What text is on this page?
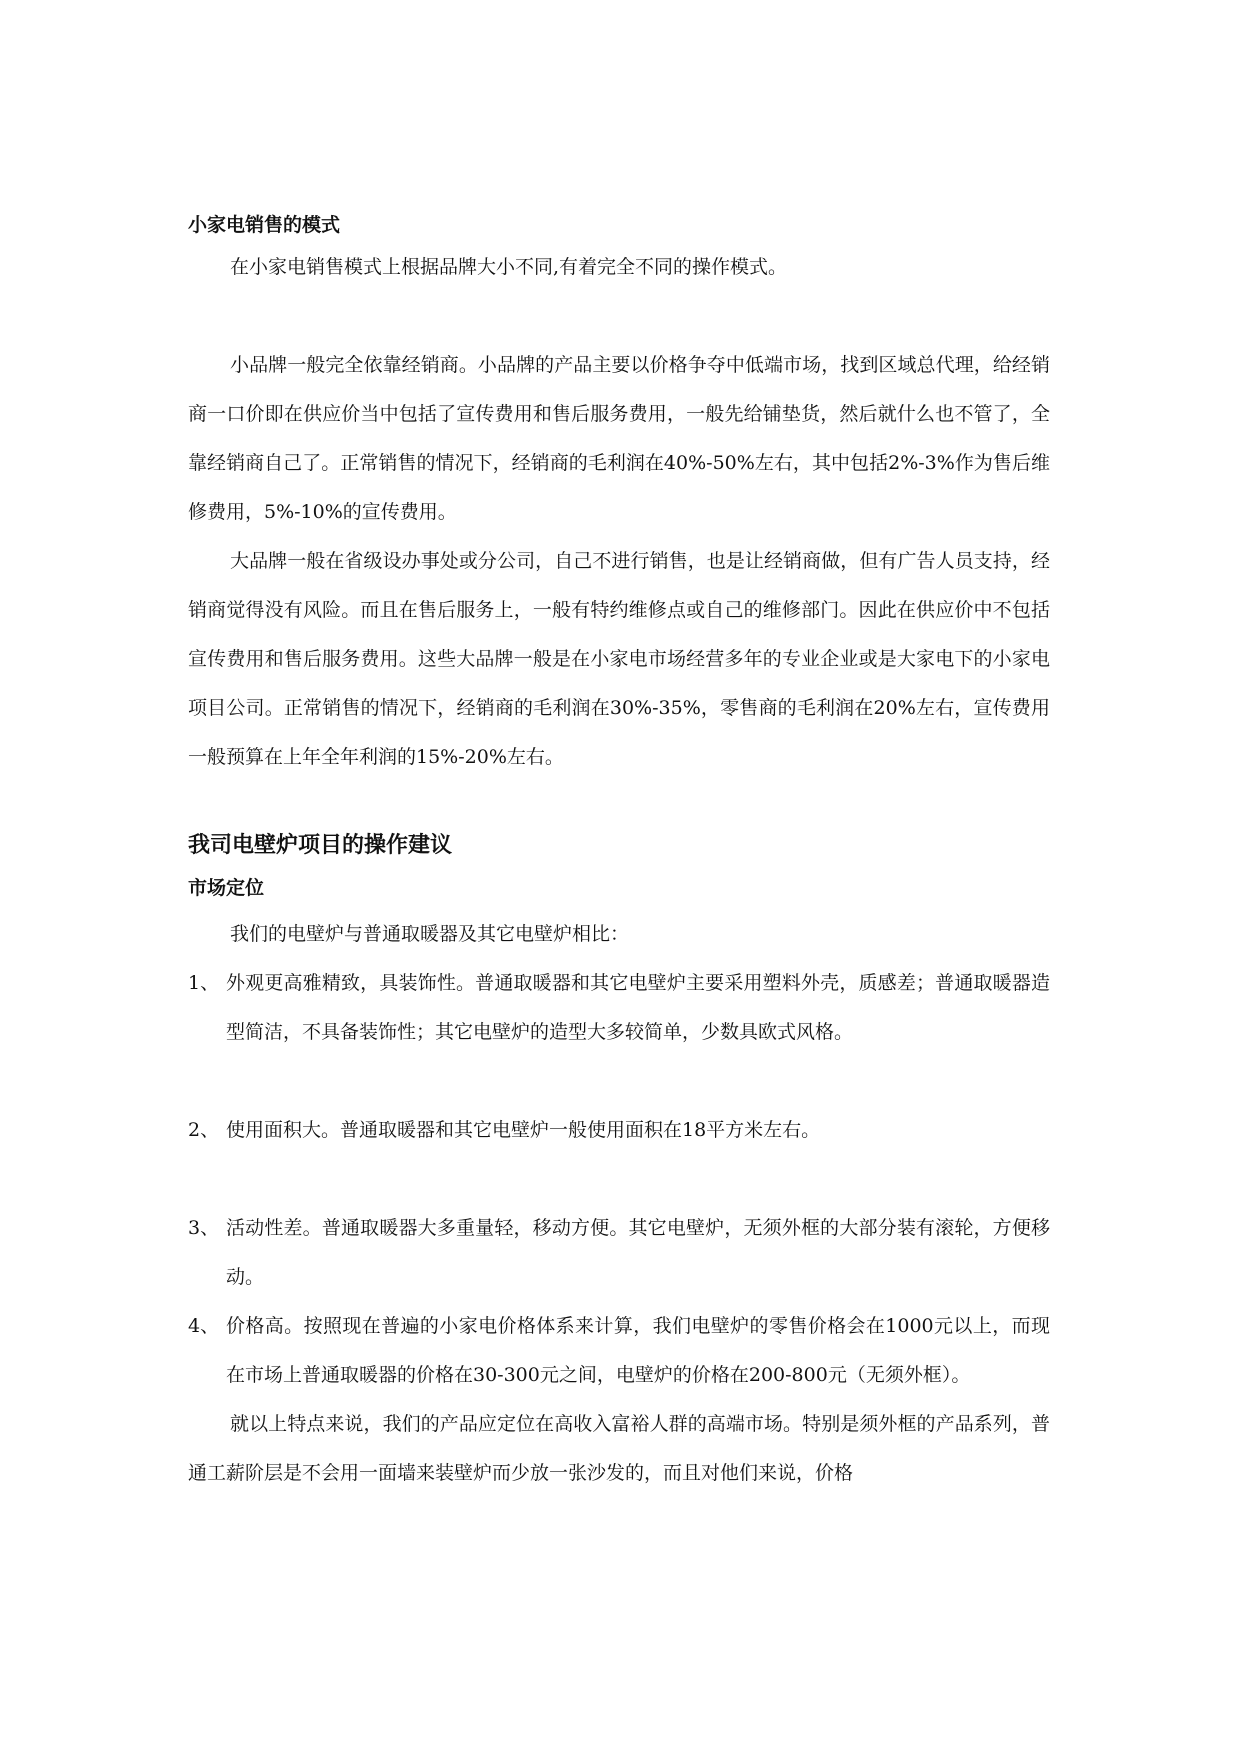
小家电销售的模式

在小家电销售模式上根据品牌大小不同,有着完全不同的操作模式。

小品牌一般完全依靠经销商。小品牌的产品主要以价格争夺中低端市场，找到区域总代理，给经销商一口价即在供应价当中包括了宣传费用和售后服务费用，一般先给铺垫货，然后就什么也不管了，全靠经销商自己了。正常销售的情况下，经销商的毛利润在40%-50%左右，其中包括2%-3%作为售后维修费用，5%-10%的宣传费用。

大品牌一般在省级设办事处或分公司，自己不进行销售，也是让经销商做，但有广告人员支持，经销商觉得没有风险。而且在售后服务上，一般有特约维修点或自己的维修部门。因此在供应价中不包括宣传费用和售后服务费用。这些大品牌一般是在小家电市场经营多年的专业企业或是大家电下的小家电项目公司。正常销售的情况下，经销商的毛利润在30%-35%，零售商的毛利润在20%左右，宣传费用一般预算在上年全年利润的15%-20%左右。

我司电壁炉项目的操作建议
市场定位

我们的电壁炉与普通取暖器及其它电壁炉相比：

1、 外观更高雅精致，具装饰性。普通取暖器和其它电壁炉主要采用塑料外壳，质感差；普通取暖器造型简洁，不具备装饰性；其它电壁炉的造型大多较简单，少数具欧式风格。
2、 使用面积大。普通取暖器和其它电壁炉一般使用面积在18平方米左右。
3、 活动性差。普通取暖器大多重量轻，移动方便。其它电壁炉，无须外框的大部分装有滚轮，方便移动。
4、 价格高。按照现在普遍的小家电价格体系来计算，我们电壁炉的零售价格会在1000元以上，而现在市场上普通取暖器的价格在30-300元之间，电壁炉的价格在200-800元（无须外框）。

就以上特点来说，我们的产品应定位在高收入富裕人群的高端市场。特别是须外框的产品系列，普通工薪阶层是不会用一面墙来装壁炉而少放一张沙发的，而且对他们来说，价格
